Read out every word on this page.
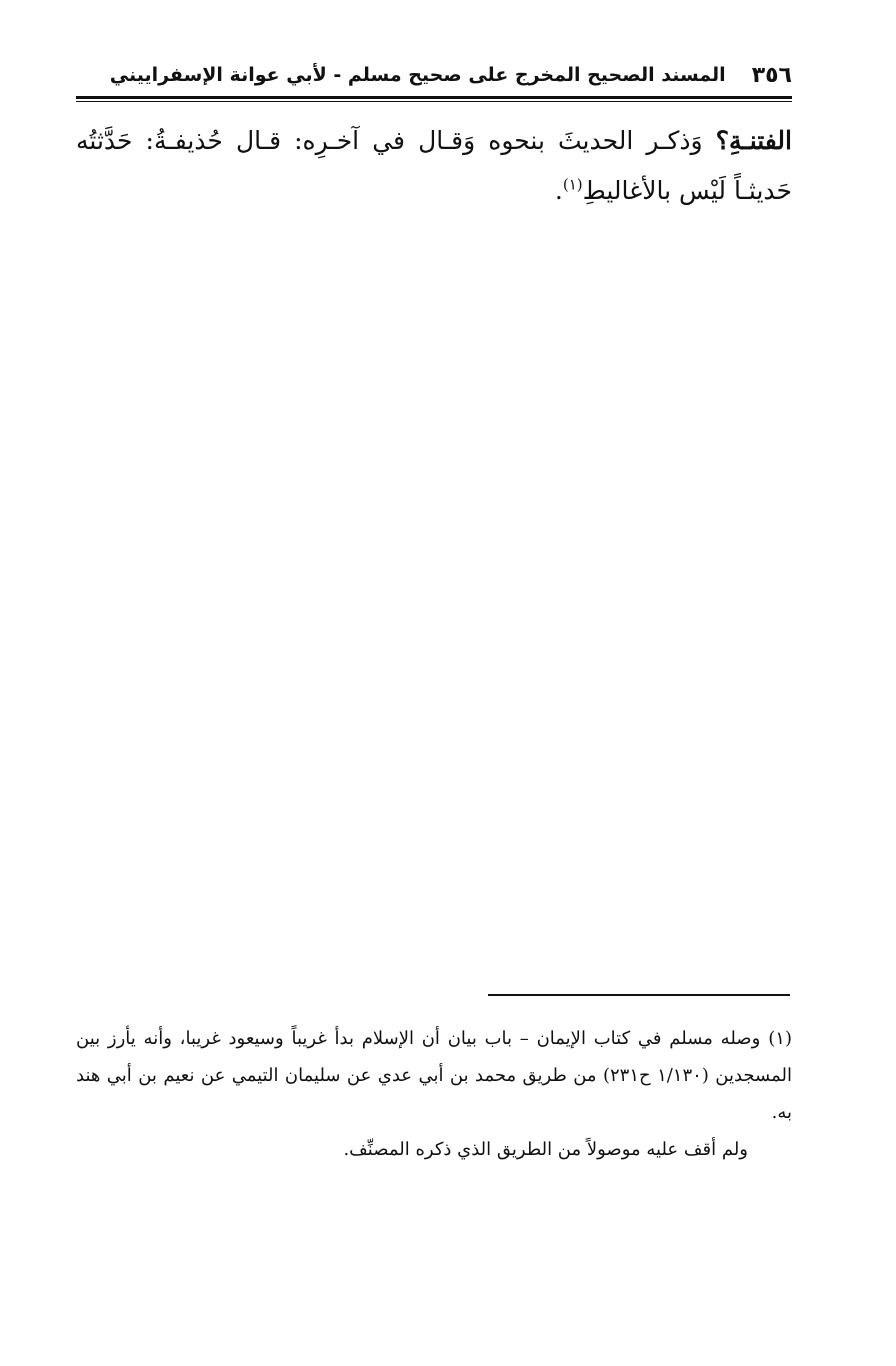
٣٥٦
المسند الصحيح المخرج على صحيح مسلم - لأبي عوانة الإسفراييني
الفتنـةِ؟ وَذكـر الحديثَ بنحوه وَقـال في آخـرِه: قـال حُذيفـةُ: حَدَّثتُه حَديثـاً لَيْس بالأغاليطِ$^{(١)}$.

(١)وصله مسلم في كتاب الإيمان – باب بيان أن الإسلام بدأ غريباً وسيعود غريبا، وأنه يأرز بين المسجدين (١/١٣٠ ح٢٣١) من طريق محمد بن أبي عدي عن سليمان التيمي عن نعيم بن أبي هند به.

ولم أقف عليه موصولاً من الطريق الذي ذكره المصنِّف.
